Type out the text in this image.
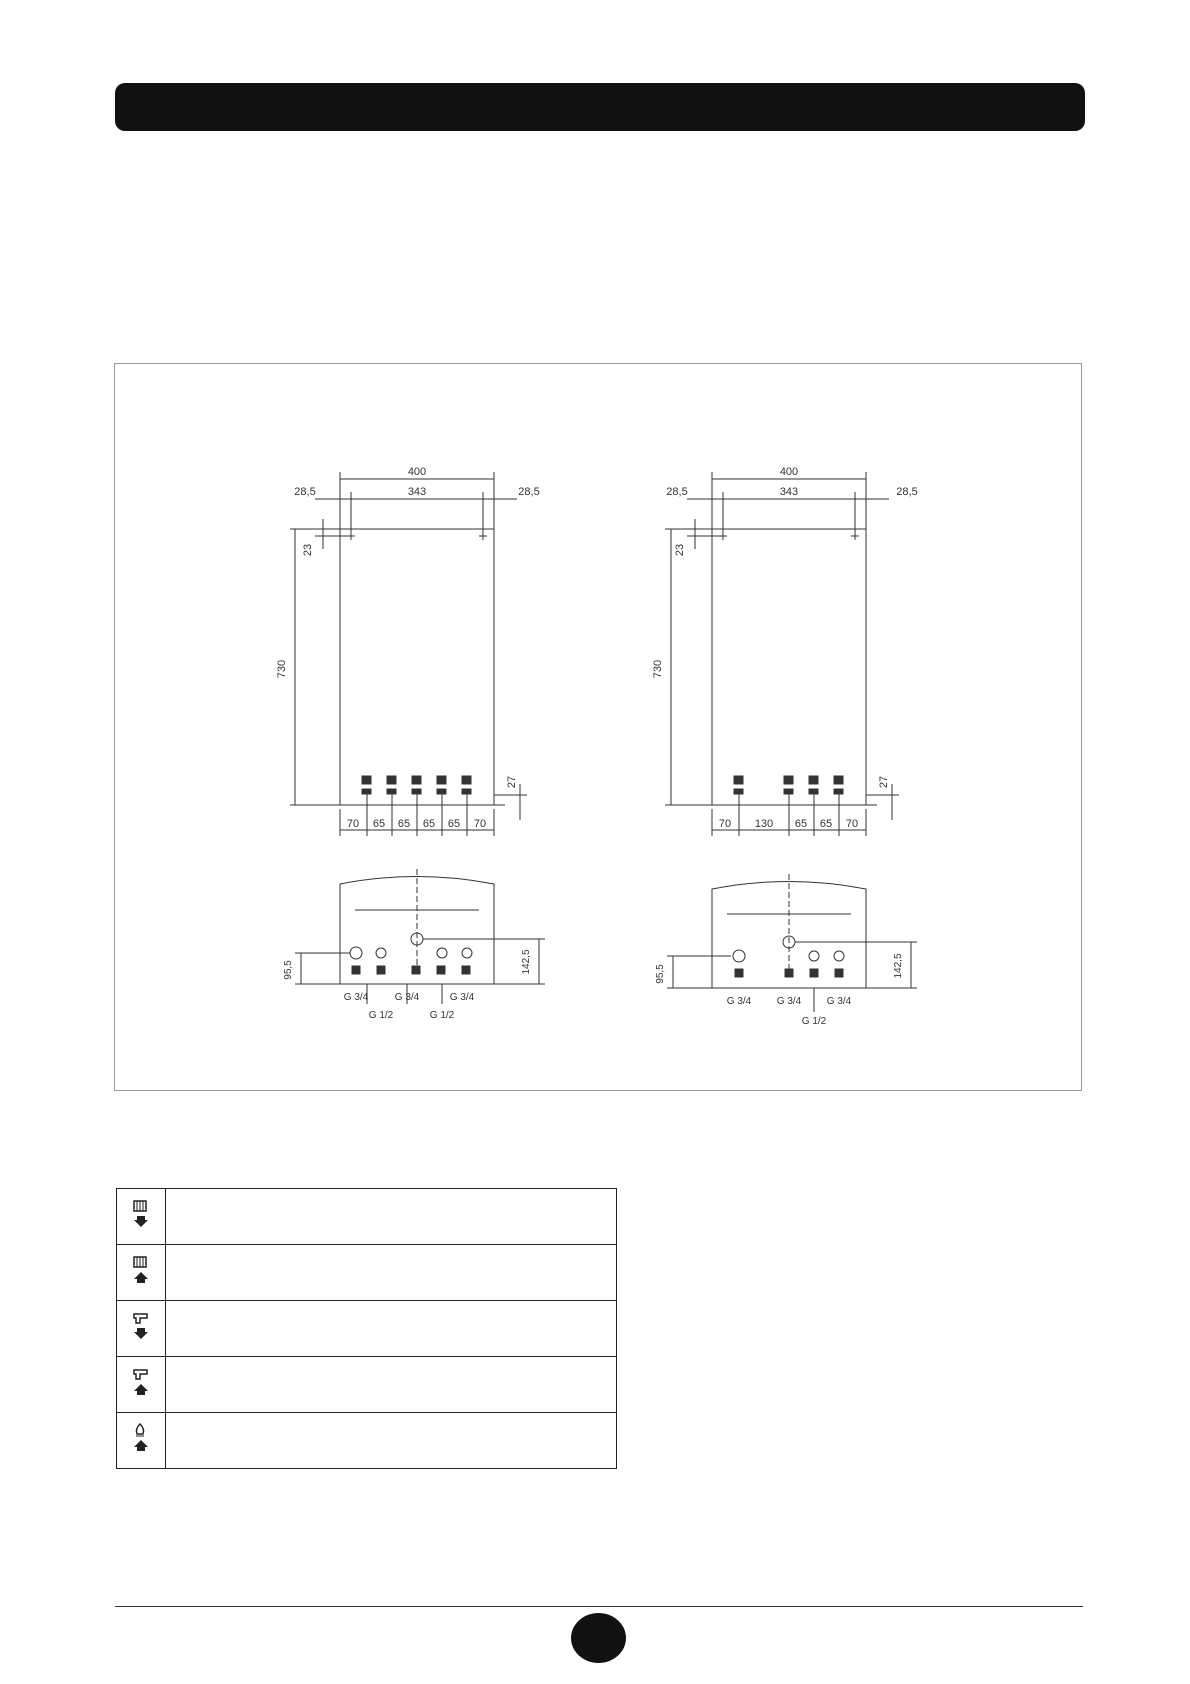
400
343
28,5	28,5
23
730
27
70 65 65 65 65 70
95,5	142,5
G 3/4	G 3/4	G 3/4
G 1/2	G 1/2
400
343
28,5	28,5
23
730
27
70 130 65 65 70
95,5	142,5
G 3/4	G 3/4	G 3/4
G 1/2
